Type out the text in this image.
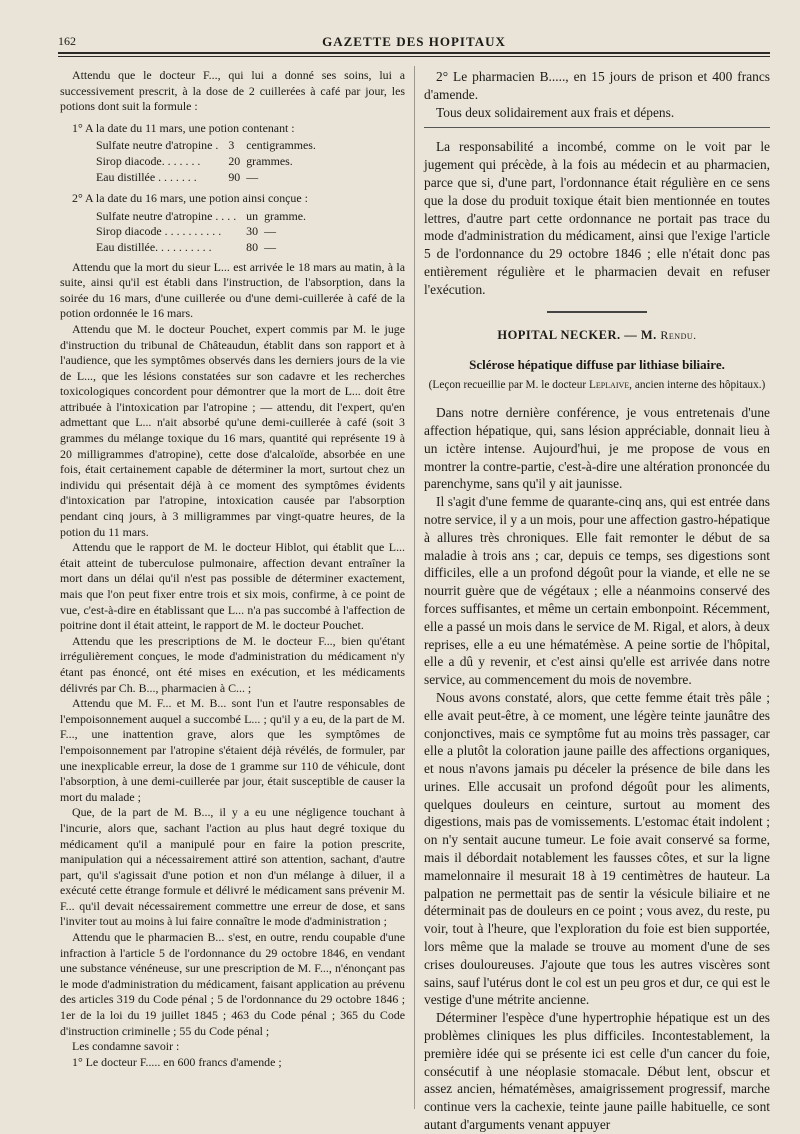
162	GAZETTE DES HOPITAUX

Attendu que le docteur F..., qui lui a donné ses soins, lui a successivement prescrit, à la dose de 2 cuillerées à café par jour, les potions dont suit la formule :

1° A la date du 11 mars, une potion contenant :

Sulfate neutre d'atropine .	3	centigrammes.
Sirop diacode. . . . . . .	20	grammes.
Eau distillée . . . . . . .	90	—

2° A la date du 16 mars, une potion ainsi conçue :

Sulfate neutre d'atropine . . . .	un	gramme.
Sirop diacode . . . . . . . . . .	30	—
Eau distillée. . . . . . . . . .	80	—

Attendu que la mort du sieur L... est arrivée le 18 mars au matin, à la suite, ainsi qu'il est établi dans l'instruction, de l'absorption, dans la soirée du 16 mars, d'une cuillerée ou d'une demi-cuillerée à café de la potion ordonnée le 16 mars.

Attendu que M. le docteur Pouchet, expert commis par M. le juge d'instruction du tribunal de Châteaudun, établit dans son rapport et à l'audience, que les symptômes observés dans les derniers jours de la vie de L..., que les lésions constatées sur son cadavre et les recherches toxicologiques concordent pour démontrer que la mort de L... doit être attribuée à l'intoxication par l'atropine ; — attendu, dit l'expert, qu'en admettant que L... n'ait absorbé qu'une demi-cuillerée à café (soit 3 grammes du mélange toxique du 16 mars, quantité qui représente 19 à 20 milligrammes d'atropine), cette dose d'alcaloïde, absorbée en une fois, était certainement capable de déterminer la mort, surtout chez un individu qui présentait déjà à ce moment des symptômes évidents d'intoxication par l'atropine, intoxication causée par l'absorption pendant cinq jours, à 3 milligrammes par vingt-quatre heures, de la potion du 11 mars.

Attendu que le rapport de M. le docteur Hiblot, qui établit que L... était atteint de tuberculose pulmonaire, affection devant entraîner la mort dans un délai qu'il n'est pas possible de déterminer exactement, mais que l'on peut fixer entre trois et six mois, confirme, à ce point de vue, c'est-à-dire en établissant que L... n'a pas succombé à l'affection de poitrine dont il était atteint, le rapport de M. le docteur Pouchet.

Attendu que les prescriptions de M. le docteur F..., bien qu'étant irrégulièrement conçues, le mode d'administration du médicament n'y étant pas énoncé, ont été mises en exécution, et les médicaments délivrés par Ch. B..., pharmacien à C... ;

Attendu que M. F... et M. B... sont l'un et l'autre responsables de l'empoisonnement auquel a succombé L... ; qu'il y a eu, de la part de M. F..., une inattention grave, alors que les symptômes de l'empoisonnement par l'atropine s'étaient déjà révélés, de formuler, par une inexplicable erreur, la dose de 1 gramme sur 110 de véhicule, dont l'absorption, à une demi-cuillerée par jour, était susceptible de causer la mort du malade ;

Que, de la part de M. B..., il y a eu une négligence touchant à l'incurie, alors que, sachant l'action au plus haut degré toxique du médicament qu'il a manipulé pour en faire la potion prescrite, manipulation qui a nécessairement attiré son attention, sachant, d'autre part, qu'il s'agissait d'une potion et non d'un mélange à diluer, il a exécuté cette étrange formule et délivré le médicament sans prévenir M. F... qu'il devait nécessairement commettre une erreur de dose, et sans l'inviter tout au moins à lui faire connaître le mode d'administration ;

Attendu que le pharmacien B... s'est, en outre, rendu coupable d'une infraction à l'article 5 de l'ordonnance du 29 octobre 1846, en vendant une substance vénéneuse, sur une prescription de M. F..., n'énonçant pas le mode d'administration du médicament, faisant application au prévenu des articles 319 du Code pénal ; 5 de l'ordonnance du 29 octobre 1846 ; 1er de la loi du 19 juillet 1845 ; 463 du Code pénal ; 365 du Code d'instruction criminelle ; 55 du Code pénal ;

Les condamne savoir :

1° Le docteur F..... en 600 francs d'amende ;

2° Le pharmacien B....., en 15 jours de prison et 400 francs d'amende.

Tous deux solidairement aux frais et dépens.

La responsabilité a incombé, comme on le voit par le jugement qui précède, à la fois au médecin et au pharmacien, parce que si, d'une part, l'ordonnance était régulière en ce sens que la dose du produit toxique était bien mentionnée en toutes lettres, d'autre part cette ordonnance ne portait pas trace du mode d'administration du médicament, ainsi que l'exige l'article 5 de l'ordonnance du 29 octobre 1846 ; elle n'était donc pas entièrement régulière et le pharmacien devait en refuser l'exécution.

HOPITAL NECKER. — M. Rendu.
Sclérose hépatique diffuse par lithiase biliaire.
(Leçon recueillie par M. le docteur Leplaive, ancien interne des hôpitaux.)

Dans notre dernière conférence, je vous entretenais d'une affection hépatique, qui, sans lésion appréciable, donnait lieu à un ictère intense. Aujourd'hui, je me propose de vous en montrer la contre-partie, c'est-à-dire une altération prononcée du parenchyme, sans qu'il y ait jaunisse.

Il s'agit d'une femme de quarante-cinq ans, qui est entrée dans notre service, il y a un mois, pour une affection gastro-hépatique à allures très chroniques. Elle fait remonter le début de sa maladie à trois ans ; car, depuis ce temps, ses digestions sont difficiles, elle a un profond dégoût pour la viande, et elle ne se nourrit guère que de végétaux ; elle a néanmoins conservé des forces suffisantes, et même un certain embonpoint. Récemment, elle a passé un mois dans le service de M. Rigal, et alors, à deux reprises, elle a eu une hématémèse. A peine sortie de l'hôpital, elle a dû y revenir, et c'est ainsi qu'elle est arrivée dans notre service, au commencement du mois de novembre.

Nous avons constaté, alors, que cette femme était très pâle ; elle avait peut-être, à ce moment, une légère teinte jaunâtre des conjonctives, mais ce symptôme fut au moins très passager, car elle a plutôt la coloration jaune paille des affections organiques, et nous n'avons jamais pu déceler la présence de bile dans les urines. Elle accusait un profond dégoût pour les aliments, quelques douleurs en ceinture, surtout au moment des digestions, mais pas de vomissements. L'estomac était indolent ; on n'y sentait aucune tumeur. Le foie avait conservé sa forme, mais il débordait notablement les fausses côtes, et sur la ligne mamelonnaire il mesurait 18 à 19 centimètres de hauteur. La palpation ne permettait pas de sentir la vésicule biliaire et ne déterminait pas de douleurs en ce point ; vous avez, du reste, pu voir, tout à l'heure, que l'exploration du foie est bien supportée, lors même que la malade se trouve au moment d'une de ses crises douloureuses. J'ajoute que tous les autres viscères sont sains, sauf l'utérus dont le col est un peu gros et dur, ce qui est le vestige d'une métrite ancienne.

Déterminer l'espèce d'une hypertrophie hépatique est un des problèmes cliniques les plus difficiles. Incontestablement, la première idée qui se présente ici est celle d'un cancer du foie, consécutif à une néoplasie stomacale. Début lent, obscur et assez ancien, hématémèses, amaigrissement progressif, marche continue vers la cachexie, teinte jaune paille habituelle, ce sont autant d'arguments venant appuyer
